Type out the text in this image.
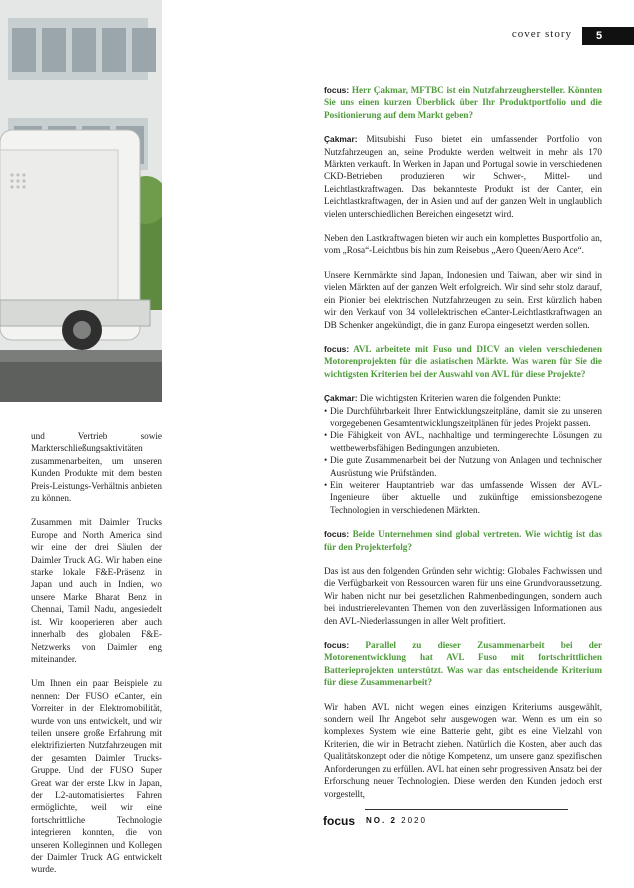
cover story	5

und Vertrieb sowie Markterschließungsaktivitäten zusammenarbeiten, um unseren Kunden Produkte mit dem besten Preis-Leistungs-Verhältnis anbieten zu können.

Zusammen mit Daimler Trucks Europe and North America sind wir eine der drei Säulen der Daimler Truck AG. Wir haben eine starke lokale F&E-Präsenz in Japan und auch in Indien, wo unsere Marke Bharat Benz in Chennai, Tamil Nadu, angesiedelt ist. Wir kooperieren aber auch innerhalb des globalen F&E-Netzwerks von Daimler eng miteinander.

Um Ihnen ein paar Beispiele zu nennen: Der FUSO eCanter, ein Vorreiter in der Elektromobilität, wurde von uns entwickelt, und wir teilen unsere große Erfahrung mit elektrifizierten Nutzfahrzeugen mit der gesamten Daimler Trucks-Gruppe. Und der FUSO Super Great war der erste Lkw in Japan, der L2-automatisiertes Fahren ermöglichte, weil wir eine fortschrittliche Technologie integrieren konnten, die von unseren Kolleginnen und Kollegen der Daimler Truck AG entwickelt wurde.

focus: Herr Çakmar, MFTBC ist ein Nutzfahrzeughersteller. Könnten Sie uns einen kurzen Überblick über Ihr Produktportfolio und die Positionierung auf dem Markt geben?

Çakmar: Mitsubishi Fuso bietet ein umfassender Portfolio von Nutzfahrzeugen an, seine Produkte werden weltweit in mehr als 170 Märkten verkauft. In Werken in Japan und Portugal sowie in verschiedenen CKD-Betrieben produzieren wir Schwer-, Mittel- und Leichtlastkraftwagen. Das bekannteste Produkt ist der Canter, ein Leichtlastkraftwagen, der in Asien und auf der ganzen Welt in unglaublich vielen unterschiedlichen Bereichen eingesetzt wird.

Neben den Lastkraftwagen bieten wir auch ein komplettes Busportfolio an, vom „Rosa“-Leichtbus bis hin zum Reisebus „Aero Queen/Aero Ace“.

Unsere Kernmärkte sind Japan, Indonesien und Taiwan, aber wir sind in vielen Märkten auf der ganzen Welt erfolgreich. Wir sind sehr stolz darauf, ein Pionier bei elektrischen Nutzfahrzeugen zu sein. Erst kürzlich haben wir den Verkauf von 34 vollelektrischen eCanter-Leichtlastkraftwagen an DB Schenker angekündigt, die in ganz Europa eingesetzt werden sollen.

focus: AVL arbeitete mit Fuso und DICV an vielen verschiedenen Motorenprojekten für die asiatischen Märkte. Was waren für Sie die wichtigsten Kriterien bei der Auswahl von AVL für diese Projekte?

Çakmar: Die wichtigsten Kriterien waren die folgenden Punkte:

• Die Durchführbarkeit Ihrer Entwicklungszeitpläne, damit sie zu unseren vorgegebenen Gesamtentwicklungszeitplänen für jedes Projekt passen.
• Die Fähigkeit von AVL, nachhaltige und termingerechte Lösungen zu wettbewerbsfähigen Bedingungen anzubieten.
• Die gute Zusammenarbeit bei der Nutzung von Anlagen und technischer Ausrüstung wie Prüfständen.
• Ein weiterer Hauptantrieb war das umfassende Wissen der AVL-Ingenieure über aktuelle und zukünftige emissionsbezogene Technologien in verschiedenen Märkten.

focus: Beide Unternehmen sind global vertreten. Wie wichtig ist das für den Projekterfolg?

Das ist aus den folgenden Gründen sehr wichtig: Globales Fachwissen und die Verfügbarkeit von Ressourcen waren für uns eine Grundvoraussetzung. Wir haben nicht nur bei gesetzlichen Rahmenbedingungen, sondern auch bei industrierelevanten Themen von den zuverlässigen Informationen aus den AVL-Niederlassungen in aller Welt profitiert.

focus: Parallel zu dieser Zusammenarbeit bei der Motorenentwicklung hat AVL Fuso mit fortschrittlichen Batterieprojekten unterstützt. Was war das entscheidende Kriterium für diese Zusammenarbeit?

Wir haben AVL nicht wegen eines einzigen Kriteriums ausgewählt, sondern weil Ihr Angebot sehr ausgewogen war. Wenn es um ein so komplexes System wie eine Batterie geht, gibt es eine Vielzahl von Kriterien, die wir in Betracht ziehen. Natürlich die Kosten, aber auch das Qualitätskonzept oder die nötige Kompetenz, um unsere ganz spezifischen Anforderungen zu erfüllen. AVL hat einen sehr progressiven Ansatz bei der Erforschung neuer Technologien. Diese werden den Kunden jedoch erst vorgestellt,

focus NO. 2 2020
